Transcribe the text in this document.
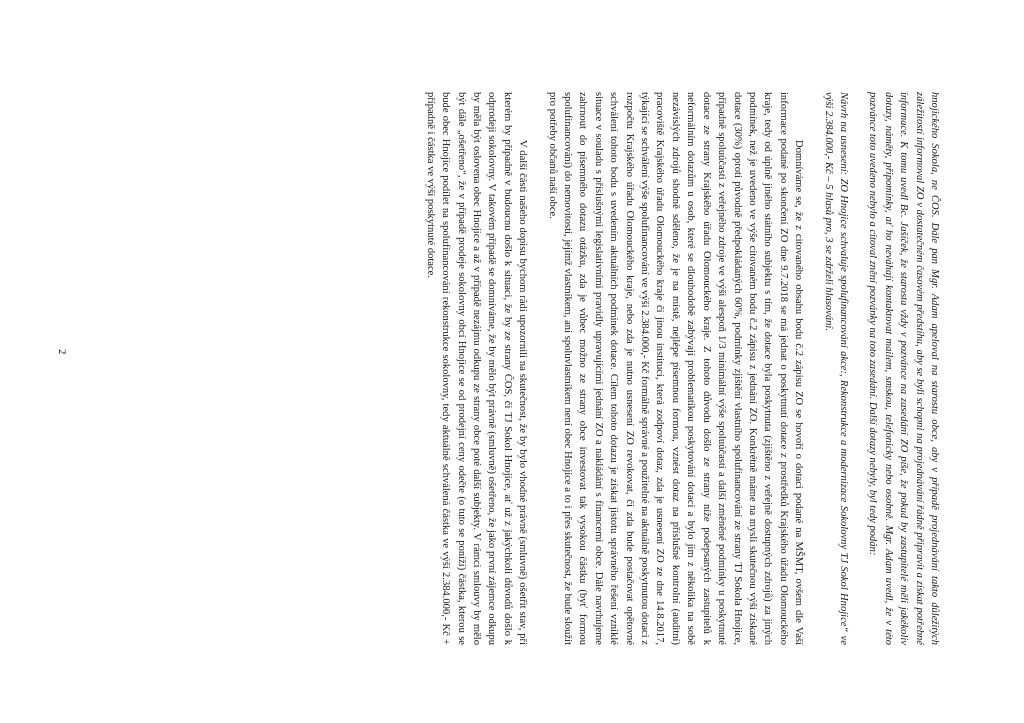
hnojického Sokola, ne ČOS. Dále pan Mgr. Adam apeloval na starostu obce, aby v případě projednávání takto důležitých záležitostí informoval ZO v dostatečném časovém předstihu, aby se byli schopni na projednávání řádně připravit a získat potřebné informace. K tomu uvedl Bc. Jašíček, že starosta vždy v pozvánce na zasedání ZO píše, že pokud by zastupitelé měli jakékoliv dotazy, náměty, připomínky, ať ho neváhají kontaktovat mailem, smskou, telefonicky nebo osobně. Mgr. Adam uvedl, že v této pozvánce toto uvedeno nebylo a citoval znění pozvánky na toto zasedání. Další dotazy nebyly, byl tedy podán:

Návrh na usnesení: ZO Hnojice schvaluje spolufinancování akce:, Rekonstrukce a modernizace Sokolovny TJ Sokol Hnojice“ ve výši 2.384.000,- Kč – 5 hlasů pro, 3 se zdrželi hlasování.

Domníváme se, že z citovaného obsahu bodu č.2 zápisu ZO se hovoří o dotaci podané na MŠMT, ovšem dle Vaší informace podané po skončení ZO dne 9.7.2018 se má jednat o poskytnutí dotace z prostředků Krajského úřadu Olomouckého kraje, tedy od úplně jiného státního subjektu s tím, že dotace byla poskytnuta (zjištěno z veřejně dostupných zdrojů) za jiných podmínek, než je uvedeno ve výše citovaném bodu č.2 zápisu z jednání ZO. Konkrétně máme na mysli skutečnou výši získané dotace (30%) oproti původně předpokládaných 60%, podmínky zjištění vlastního spolufinancování ze strany TJ Sokola Hnojice, případně spoluúčasti z veřejného zdroje ve výši alespoň 1/3 minimální výše spoluúčasti a další změněné podmínky u poskytnuté dotace ze strany Krajského úřadu Olomouckého kraje. Z tohoto důvodu došlo ze strany níže podepsaných zastupitelů k neformálním dotazům u osob, které se dlouhodobě zabývají problematikou poskytování dotací a bylo jim z několika na sobě nezávislých zdrojů shodně sděleno, že je na místě, nejlépe písemnou formou, vznést dotaz na příslušné kontrolní (auditní) pracoviště Krajského úřadu Olomouckého kraje či jinou instituci, která zodpoví dotaz, zda je usnesení ZO ze dne 14.8.2017, týkající se schválení výše spolufinancování ve výši 2.384.000,- Kč formálně správné a použitelné na aktuálně poskytnutou dotaci z rozpočtu Krajského úřadu Olomouckého kraje, nebo zda je nutno usnesení ZO revokovat, či zda bude postačovat opětovné schválení tohoto bodu s uvedením aktuálních podmínek dotace. Cílem tohoto dotazu je získat jistotu správného řešení vzniklé situace v souladu s příslušnými legislativními pravidly upravujícími jednání ZO a nakládání s financemi obce. Dále navrhujeme zahrnout do písemného dotazu otázku, zda je vůbec možno ze strany obce investovat tak vysokou částku (byť formou spolufinancování) do nemovitosti, jejímž vlastníkem, ani spoluvlastníkem není obec Hnojice a to i přes skutečnost, že bude sloužit pro potřeby občanů naší obce.

V další části našeho dopisu bychom rádi upozornili na skutečnost, že by bylo vhodné právně (smluvně) ošetřit stav, při kterém by případně v budoucnu došlo k situaci, že by ze strany ČOS, či TJ Sokol Hnojice, ať už z jakýchkoli důvodů došlo k odprodeji sokolovny. V takovém případě se domníváme, že by mělo být právně (smluvně) ošetřeno, že jako první zájemce odkupu by měla být oslovena obec Hnojice a až v případě nezájmu odkupu ze strany obce poté další subjekty. V rámci smlouvy by mělo být dále „ošetřeno“, že v případě prodeje sokolovny obcí Hnojice se od prodejní ceny odečte (o tuto se poníží) částka, kterou se bude obec Hnojice podílet na spolufinancování rekonstrukce sokolovny, tedy aktuálně schválená částka ve výši 2.384.000,- Kč + případně i částka ve výši poskytnuté dotace.

2
